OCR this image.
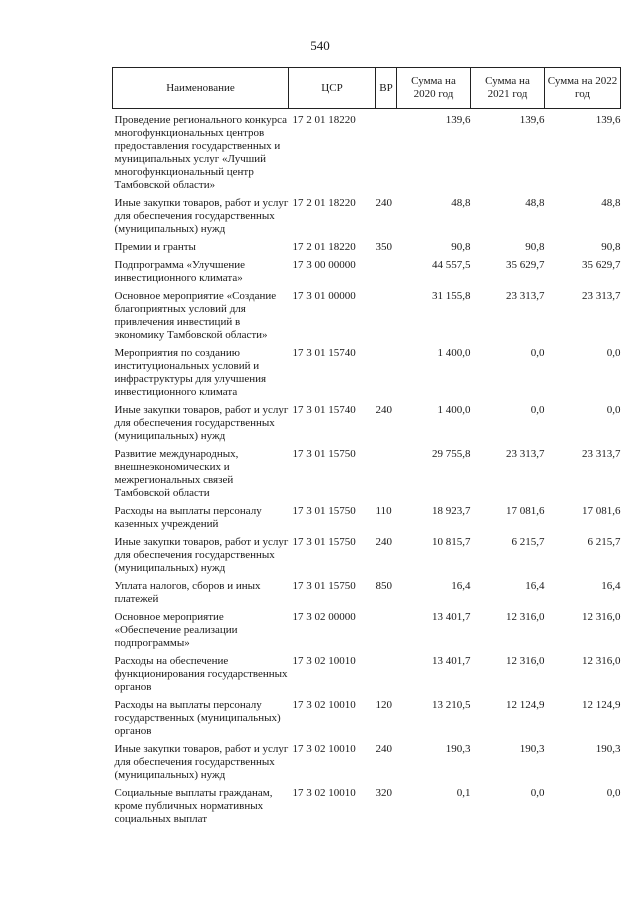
540
Наименование	ЦСР	ВР	Сумма на 2020 год	Сумма на 2021 год	Сумма на 2022 год
Проведение регионального конкурса многофункциональных центров предоставления государственных и муниципальных услуг «Лучший многофункциональный центр Тамбовской области»	17 2 01 18220		139,6	139,6	139,6
Иные закупки товаров, работ и услуг для обеспечения государственных (муниципальных) нужд	17 2 01 18220	240	48,8	48,8	48,8
Премии и гранты	17 2 01 18220	350	90,8	90,8	90,8
Подпрограмма «Улучшение инвестиционного климата»	17 3 00 00000		44 557,5	35 629,7	35 629,7
Основное мероприятие «Создание благоприятных условий для привлечения инвестиций в экономику Тамбовской области»	17 3 01 00000		31 155,8	23 313,7	23 313,7
Мероприятия по созданию институциональных условий и инфраструктуры для улучшения инвестиционного климата	17 3 01 15740		1 400,0	0,0	0,0
Иные закупки товаров, работ и услуг для обеспечения государственных (муниципальных) нужд	17 3 01 15740	240	1 400,0	0,0	0,0
Развитие международных, внешнеэкономических и межрегиональных связей Тамбовской области	17 3 01 15750		29 755,8	23 313,7	23 313,7
Расходы на выплаты персоналу казенных учреждений	17 3 01 15750	110	18 923,7	17 081,6	17 081,6
Иные закупки товаров, работ и услуг для обеспечения государственных (муниципальных) нужд	17 3 01 15750	240	10 815,7	6 215,7	6 215,7
Уплата налогов, сборов и иных платежей	17 3 01 15750	850	16,4	16,4	16,4
Основное мероприятие «Обеспечение реализации подпрограммы»	17 3 02 00000		13 401,7	12 316,0	12 316,0
Расходы на обеспечение функционирования государственных органов	17 3 02 10010		13 401,7	12 316,0	12 316,0
Расходы на выплаты персоналу государственных (муниципальных) органов	17 3 02 10010	120	13 210,5	12 124,9	12 124,9
Иные закупки товаров, работ и услуг для обеспечения государственных (муниципальных) нужд	17 3 02 10010	240	190,3	190,3	190,3
Социальные выплаты гражданам, кроме публичных нормативных социальных выплат	17 3 02 10010	320	0,1	0,0	0,0
